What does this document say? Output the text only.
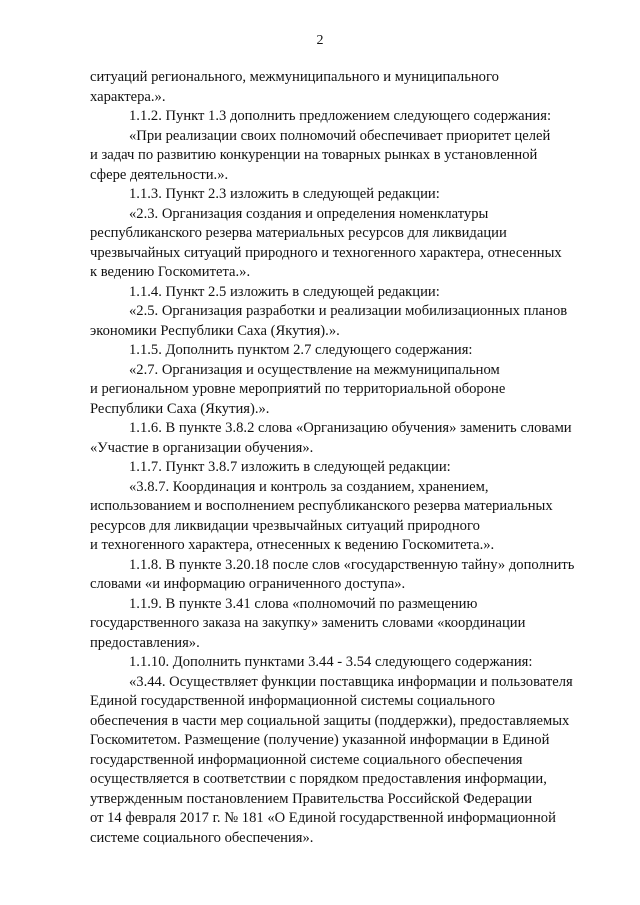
2

ситуаций регионального, межмуниципального и муниципального
характера.».

1.1.2. Пункт 1.3 дополнить предложением следующего содержания:

«При реализации своих полномочий обеспечивает приоритет целей
и задач по развитию конкуренции на товарных рынках в установленной
сфере деятельности.».

1.1.3. Пункт 2.3 изложить в следующей редакции:

«2.3. Организация создания и определения номенклатуры
республиканского резерва материальных ресурсов для ликвидации
чрезвычайных ситуаций природного и техногенного характера, отнесенных
к ведению Госкомитета.».

1.1.4. Пункт 2.5 изложить в следующей редакции:

«2.5. Организация разработки и реализации мобилизационных планов
экономики Республики Саха (Якутия).».

1.1.5. Дополнить пунктом 2.7 следующего содержания:

«2.7. Организация и осуществление на межмуниципальном
и региональном уровне мероприятий по территориальной обороне
Республики Саха (Якутия).».

1.1.6. В пункте 3.8.2 слова «Организацию обучения» заменить словами
«Участие в организации обучения».

1.1.7. Пункт 3.8.7 изложить в следующей редакции:

«3.8.7. Координация и контроль за созданием, хранением,
использованием и восполнением республиканского резерва материальных
ресурсов для ликвидации чрезвычайных ситуаций природного
и техногенного характера, отнесенных к ведению Госкомитета.».

1.1.8. В пункте 3.20.18 после слов «государственную тайну» дополнить
словами «и информацию ограниченного доступа».

1.1.9. В пункте 3.41 слова «полномочий по размещению
государственного заказа на закупку» заменить словами «координации
предоставления».

1.1.10. Дополнить пунктами 3.44 - 3.54 следующего содержания:

«3.44. Осуществляет функции поставщика информации и пользователя
Единой государственной информационной системы социального
обеспечения в части мер социальной защиты (поддержки), предоставляемых
Госкомитетом. Размещение (получение) указанной информации в Единой
государственной информационной системе социального обеспечения
осуществляется в соответствии с порядком предоставления информации,
утвержденным постановлением Правительства Российской Федерации
от 14 февраля 2017 г. № 181 «О Единой государственной информационной
системе социального обеспечения».
